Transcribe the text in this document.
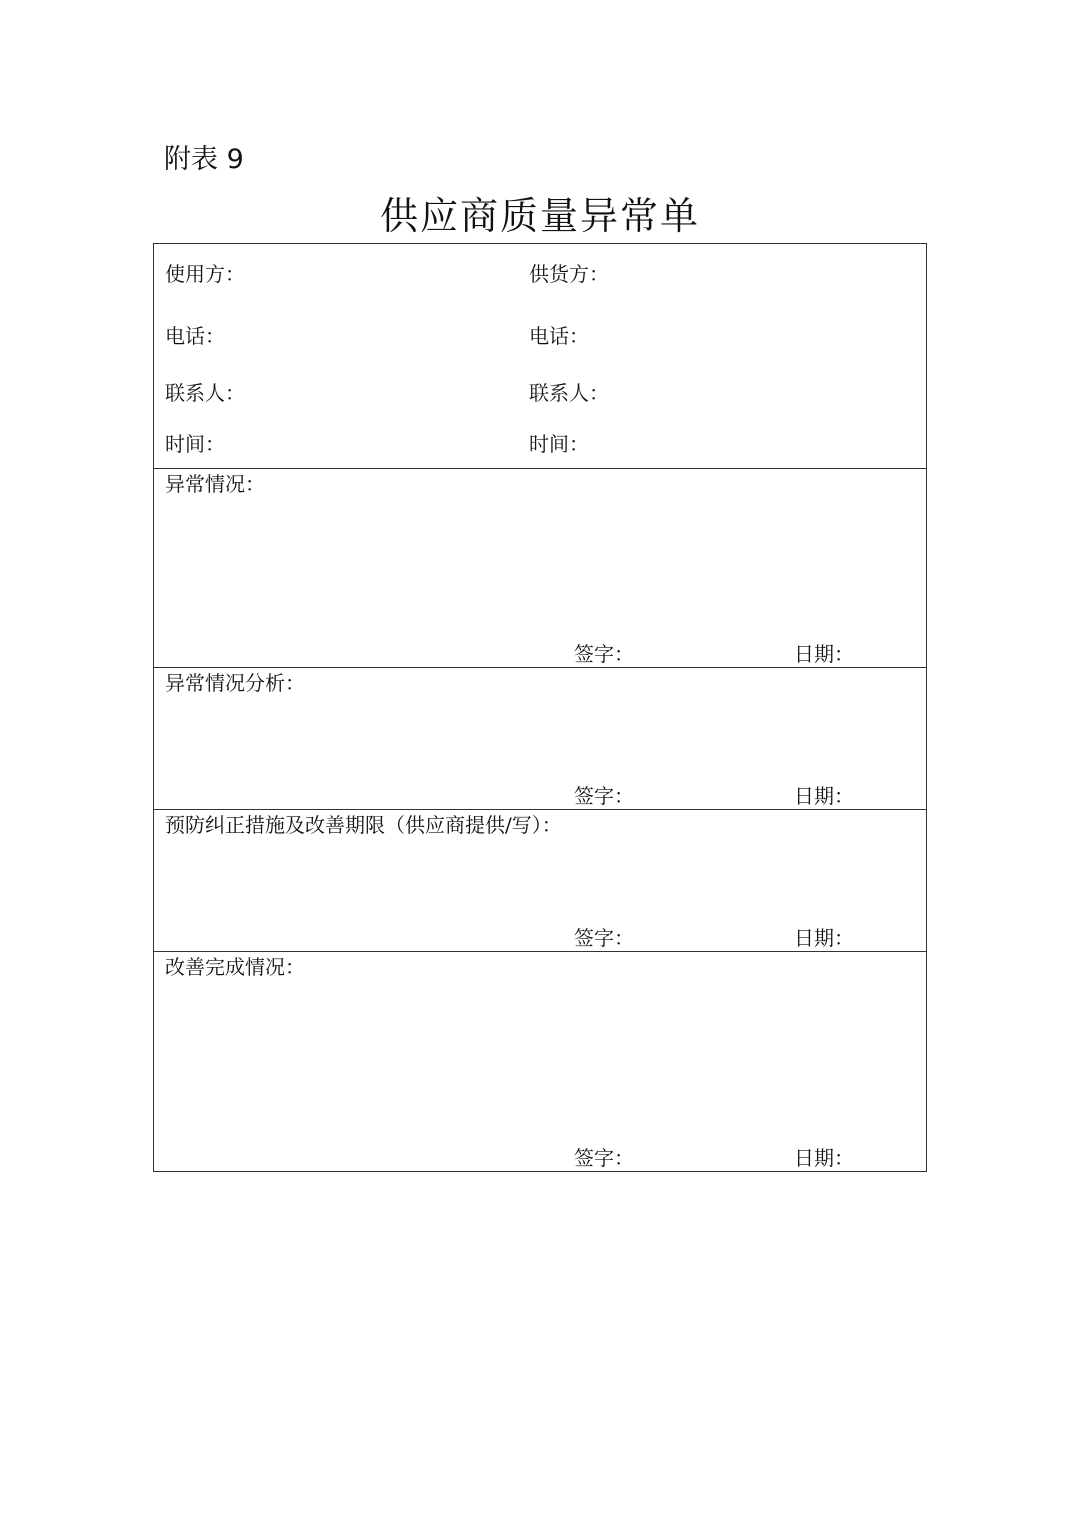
附表 9
供应商质量异常单
使用方：	供货方：
电话：	电话：
联系人：	联系人：
时间：	时间：
异常情况：
签字：	日期：
异常情况分析：
签字：	日期：
预防纠正措施及改善期限（供应商提供/写）：
签字：	日期：
改善完成情况：
签字：	日期：
